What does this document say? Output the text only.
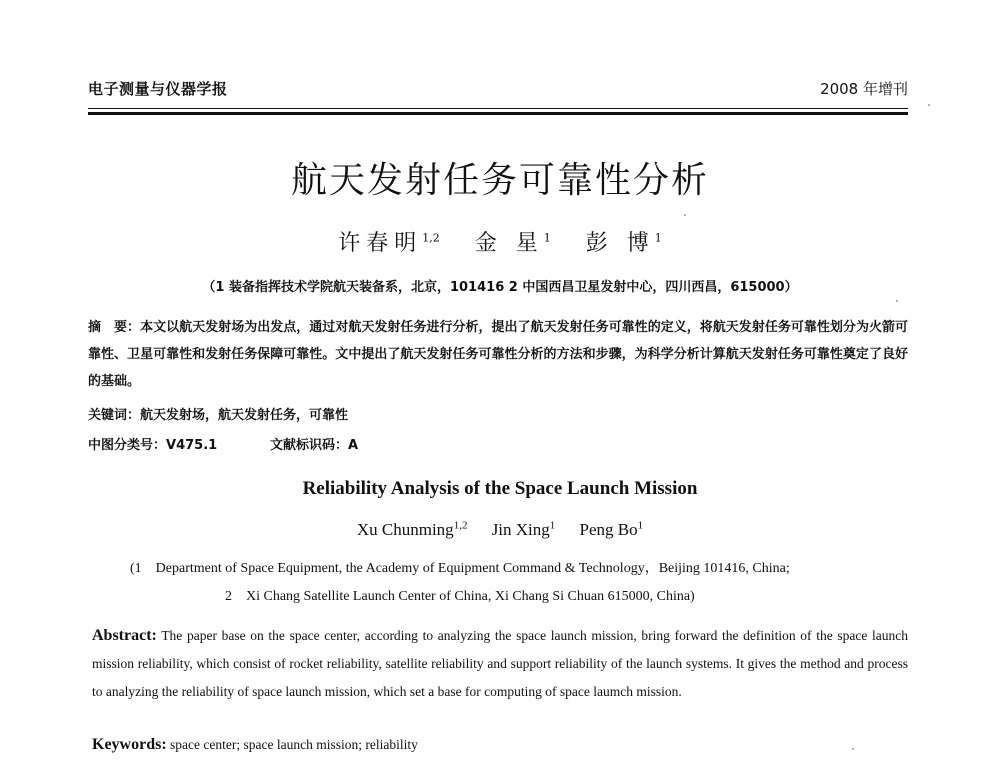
电子测量与仪器学报	2008 年增刊
航天发射任务可靠性分析
许春明$^{1,2}$ 金 星$^1$ 彭 博$^1$
（1 装备指挥技术学院航天装备系，北京，101416 2 中国西昌卫星发射中心，四川西昌，615000）
摘　要：本文以航天发射场为出发点，通过对航天发射任务进行分析，提出了航天发射任务可靠性的定义，将航天发射任务可靠性划分为火箭可靠性、卫星可靠性和发射任务保障可靠性。文中提出了航天发射任务可靠性分析的方法和步骤，为科学分析计算航天发射任务可靠性奠定了良好的基础。
关键词：航天发射场，航天发射任务，可靠性
中图分类号：V475.1	文献标识码：A
Reliability Analysis of the Space Launch Mission
Xu Chunming$^{1,2}$ Jin Xing$^1$ Peng Bo$^1$
(1　Department of Space Equipment, the Academy of Equipment Command & Technology，Beijing 101416, China;
2　Xi Chang Satellite Launch Center of China, Xi Chang Si Chuan 615000, China)
Abstract: The paper base on the space center, according to analyzing the space launch mission, bring forward the definition of the space launch mission reliability, which consist of rocket reliability, satellite reliability and support reliability of the launch systems. It gives the method and process to analyzing the reliability of space launch mission, which set a base for computing of space laumch mission.
Keywords: space center; space launch mission; reliability
